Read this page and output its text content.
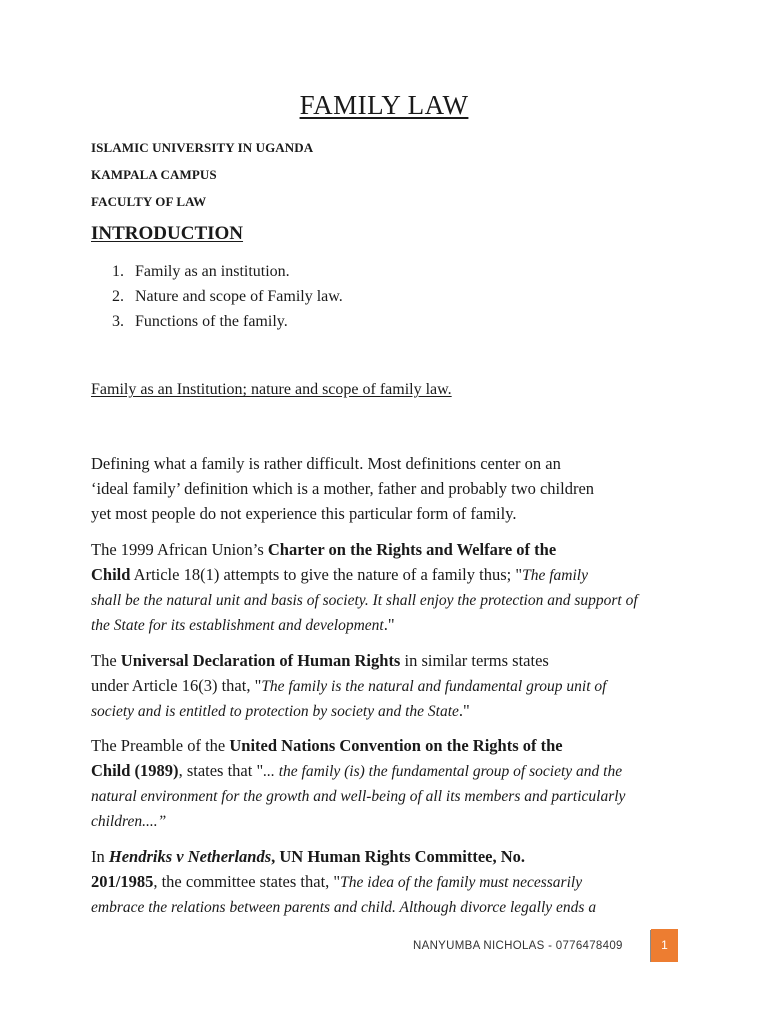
FAMILY LAW
ISLAMIC UNIVERSITY IN UGANDA
KAMPALA CAMPUS
FACULTY OF LAW
INTRODUCTION
1. Family as an institution.
2. Nature and scope of Family law.
3. Functions of the family.
Family as an Institution; nature and scope of family law.

Defining what a family is rather difficult. Most definitions center on an
‘ideal family’ definition which is a mother, father and probably two children
yet most people do not experience this particular form of family.

The 1999 African Union’s Charter on the Rights and Welfare of the
Child Article 18(1) attempts to give the nature of a family thus; "The family
shall be the natural unit and basis of society. It shall enjoy the protection and support of
the State for its establishment and development."

The Universal Declaration of Human Rights in similar terms states
under Article 16(3) that, "The family is the natural and fundamental group unit of
society and is entitled to protection by society and the State."

The Preamble of the United Nations Convention on the Rights of the
Child (1989), states that "... the family (is) the fundamental group of society and the
natural environment for the growth and well-being of all its members and particularly
children....”

In Hendriks v Netherlands, UN Human Rights Committee, No.
201/1985, the committee states that, "The idea of the family must necessarily
embrace the relations between parents and child. Although divorce legally ends a

NANYUMBA NICHOLAS - 0776478409	1
